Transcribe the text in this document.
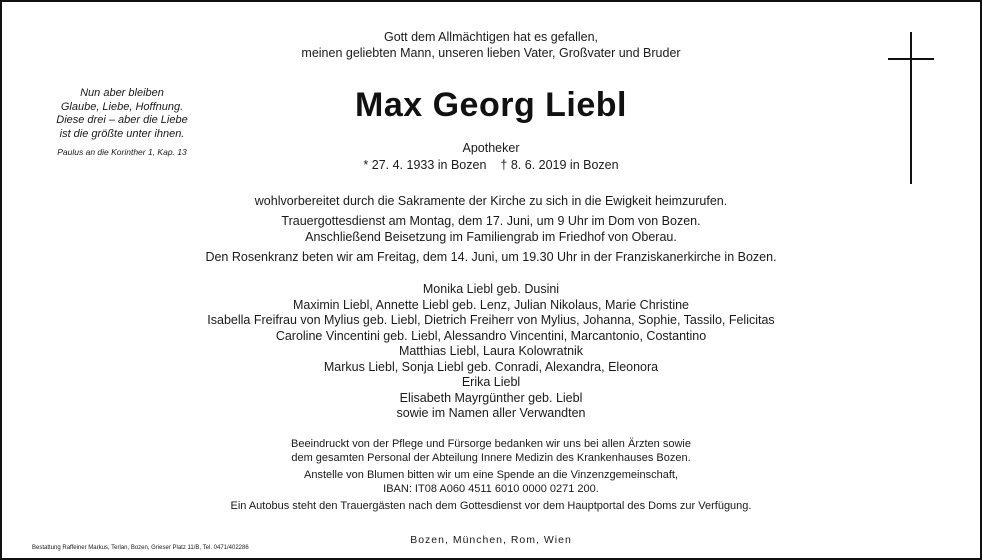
Gott dem Allmächtigen hat es gefallen,
meinen geliebten Mann, unseren lieben Vater, Großvater und Bruder
Max Georg Liebl
Apotheker
* 27. 4. 1933 in Bozen † 8. 6. 2019 in Bozen
wohlvorbereitet durch die Sakramente der Kirche zu sich in die Ewigkeit heimzurufen.
Trauergottesdienst am Montag, dem 17. Juni, um 9 Uhr im Dom von Bozen.
Anschließend Beisetzung im Familiengrab im Friedhof von Oberau.
Den Rosenkranz beten wir am Freitag, dem 14. Juni, um 19.30 Uhr in der Franziskanerkirche in Bozen.
Monika Liebl geb. Dusini
Maximin Liebl, Annette Liebl geb. Lenz, Julian Nikolaus, Marie Christine
Isabella Freifrau von Mylius geb. Liebl, Dietrich Freiherr von Mylius, Johanna, Sophie, Tassilo, Felicitas
Caroline Vincentini geb. Liebl, Alessandro Vincentini, Marcantonio, Costantino
Matthias Liebl, Laura Kolowratnik
Markus Liebl, Sonja Liebl geb. Conradi, Alexandra, Eleonora
Erika Liebl
Elisabeth Mayrgünther geb. Liebl
sowie im Namen aller Verwandten
Beeindruckt von der Pflege und Fürsorge bedanken wir uns bei allen Ärzten sowie
dem gesamten Personal der Abteilung Innere Medizin des Krankenhauses Bozen.
Anstelle von Blumen bitten wir um eine Spende an die Vinzenzgemeinschaft,
IBAN: IT08 A060 4511 6010 0000 0271 200.
Ein Autobus steht den Trauergästen nach dem Gottesdienst vor dem Hauptportal des Doms zur Verfügung.
Bozen, München, Rom, Wien
Nun aber bleiben
Glaube, Liebe, Hoffnung.
Diese drei – aber die Liebe
ist die größte unter ihnen.
Paulus an die Korinther 1, Kap. 13
Bestattung Raffeiner Markus, Terlan, Bozen, Grieser Platz 11/B, Tel. 0471/402286
